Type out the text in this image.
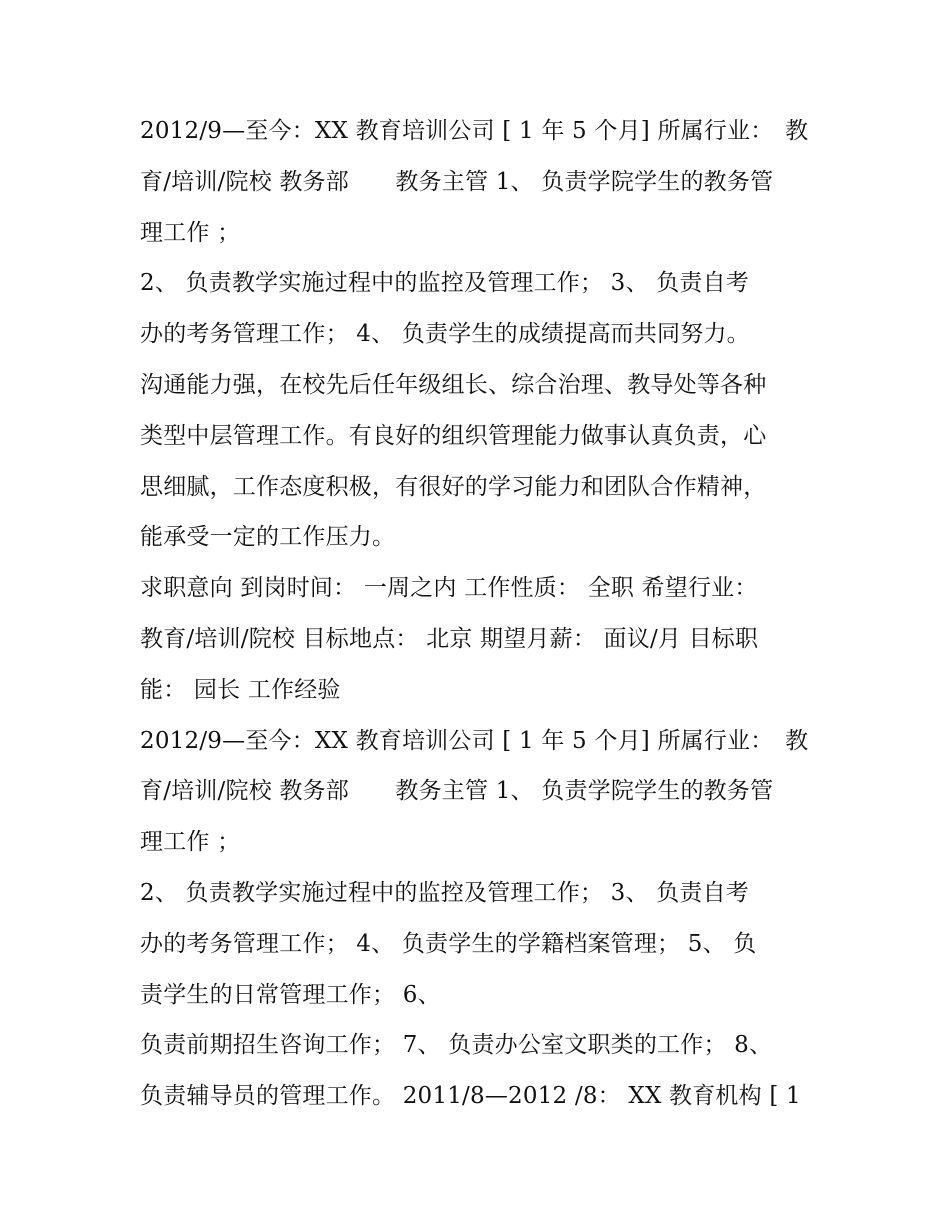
2012/9—至今：XX 教育培训公司 [ 1 年 5 个月] 所属行业：　教
育/培训/院校 教务部　　教务主管 1、 负责学院学生的教务管
理工作 ；
2、 负责教学实施过程中的监控及管理工作； 3、 负责自考
办的考务管理工作； 4、 负责学生的成绩提高而共同努力。
沟通能力强，在校先后任年级组长、综合治理、教导处等各种
类型中层管理工作。有良好的组织管理能力做事认真负责，心
思细腻，工作态度积极，有很好的学习能力和团队合作精神，
能承受一定的工作压力。
求职意向 到岗时间： 一周之内 工作性质： 全职 希望行业：
教育/培训/院校 目标地点： 北京 期望月薪： 面议/月 目标职
能： 园长 工作经验
2012/9—至今：XX 教育培训公司 [ 1 年 5 个月] 所属行业：　教
育/培训/院校 教务部　　教务主管 1、 负责学院学生的教务管
理工作 ；
2、 负责教学实施过程中的监控及管理工作； 3、 负责自考
办的考务管理工作； 4、 负责学生的学籍档案管理； 5、 负
责学生的日常管理工作； 6、
负责前期招生咨询工作； 7、 负责办公室文职类的工作； 8、
负责辅导员的管理工作。 2011/8—2012 /8： XX 教育机构 [ 1
